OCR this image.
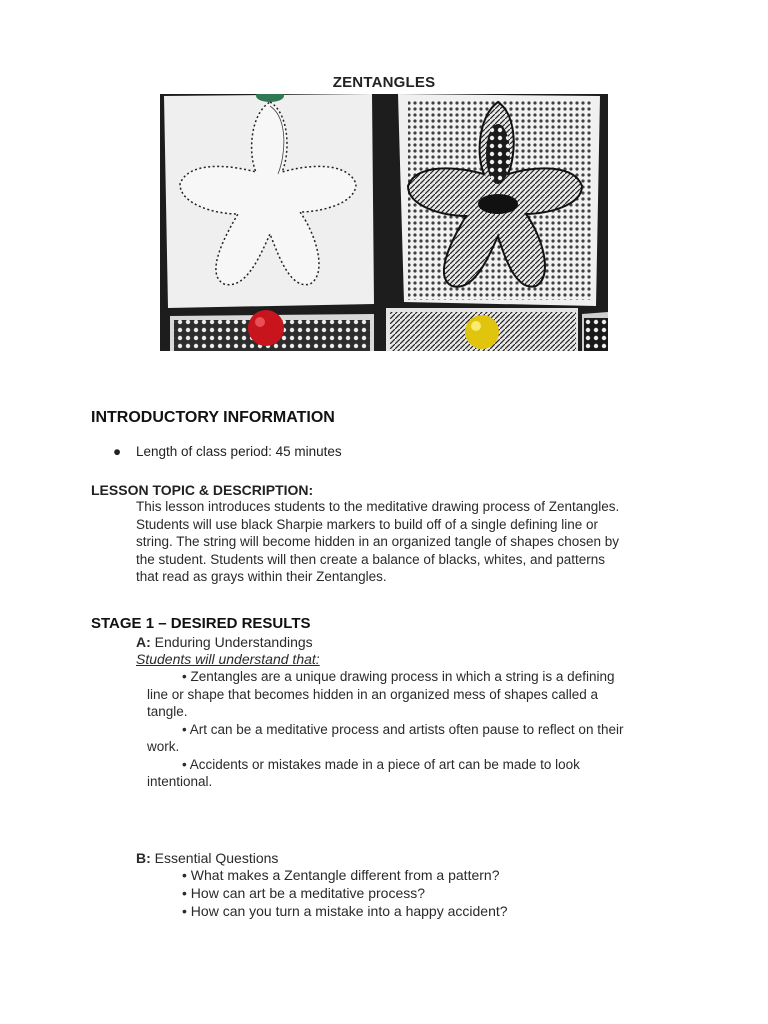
ZENTANGLES
INTRODUCTORY INFORMATION
● Length of class period: 45 minutes
LESSON TOPIC & DESCRIPTION:
This lesson introduces students to the meditative drawing process of Zentangles.
Students will use black Sharpie markers to build off of a single defining line or
string. The string will become hidden in an organized tangle of shapes chosen by
the student. Students will then create a balance of blacks, whites, and patterns
that read as grays within their Zentangles.
STAGE 1 – DESIRED RESULTS
A: Enduring Understandings
Students will understand that:
• Zentangles are a unique drawing process in which a string is a defining
line or shape that becomes hidden in an organized mess of shapes called a
tangle.
• Art can be a meditative process and artists often pause to reflect on their
work.
• Accidents or mistakes made in a piece of art can be made to look
intentional.
B: Essential Questions
• What makes a Zentangle different from a pattern?
• How can art be a meditative process?
• How can you turn a mistake into a happy accident?
